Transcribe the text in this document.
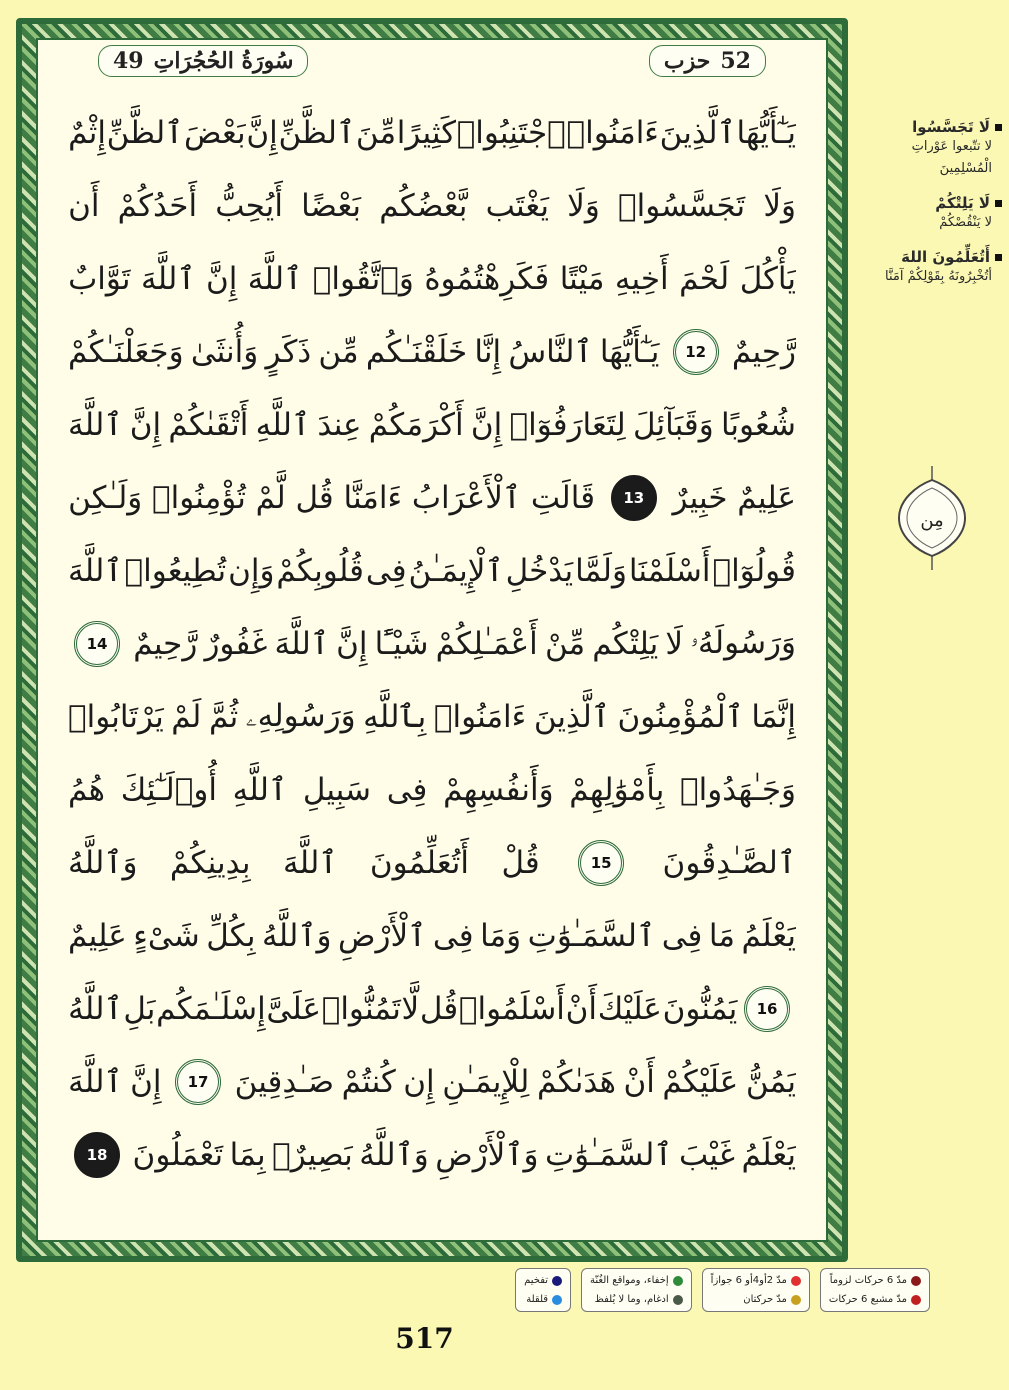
49 سُورَةُ الحُجُرَاتِ	حزب 52
يَـٰٓأَيُّهَا
ٱلَّذِينَ
ءَامَنُوا۟
ٱجْتَنِبُوا۟
كَثِيرًا
مِّنَ
ٱلظَّنِّ
إِنَّ
بَعْضَ
ٱلظَّنِّ
إِثْمٌ
وَلَا
تَجَسَّسُوا۟
وَلَا
يَغْتَب
بَّعْضُكُم
بَعْضًا
أَيُحِبُّ
أَحَدُكُمْ
أَن
يَأْكُلَ
لَحْمَ
أَخِيهِ
مَيْتًا
فَكَرِهْتُمُوهُ
وَٱتَّقُوا۟
ٱللَّهَ
إِنَّ
ٱللَّهَ
تَوَّابٌ
رَّحِيمٌ
12
يَـٰٓأَيُّهَا
ٱلنَّاسُ
إِنَّا
خَلَقْنَـٰكُم
مِّن
ذَكَرٍ
وَأُنثَىٰ
وَجَعَلْنَـٰكُمْ
شُعُوبًا
وَقَبَآئِلَ
لِتَعَارَفُوٓا۟
إِنَّ
أَكْرَمَكُمْ
عِندَ
ٱللَّهِ
أَتْقَىٰكُمْ
إِنَّ
ٱللَّهَ
عَلِيمٌ
خَبِيرٌ
13
قَالَتِ
ٱلْأَعْرَابُ
ءَامَنَّا
قُل
لَّمْ
تُؤْمِنُوا۟
وَلَـٰكِن
قُولُوٓا۟
أَسْلَمْنَا
وَلَمَّا
يَدْخُلِ
ٱلْإِيمَـٰنُ
فِى
قُلُوبِكُمْ
وَإِن
تُطِيعُوا۟
ٱللَّهَ
وَرَسُولَهُۥ
لَا
يَلِتْكُم
مِّنْ
أَعْمَـٰلِكُمْ
شَيْـًٔا
إِنَّ
ٱللَّهَ
غَفُورٌ
رَّحِيمٌ
14
إِنَّمَا
ٱلْمُؤْمِنُونَ
ٱلَّذِينَ
ءَامَنُوا۟
بِٱللَّهِ
وَرَسُولِهِۦ
ثُمَّ
لَمْ
يَرْتَابُوا۟
وَجَـٰهَدُوا۟
بِأَمْوَٰلِهِمْ
وَأَنفُسِهِمْ
فِى
سَبِيلِ
ٱللَّهِ
أُو۟لَـٰٓئِكَ
هُمُ
ٱلصَّـٰدِقُونَ
15
قُلْ
أَتُعَلِّمُونَ
ٱللَّهَ
بِدِينِكُمْ
وَٱللَّهُ
يَعْلَمُ
مَا
فِى
ٱلسَّمَـٰوَٰتِ
وَمَا
فِى
ٱلْأَرْضِ
وَٱللَّهُ
بِكُلِّ
شَىْءٍ
عَلِيمٌ
16
يَمُنُّونَ
عَلَيْكَ
أَنْ
أَسْلَمُوا۟
قُل
لَّا
تَمُنُّوا۟
عَلَىَّ
إِسْلَـٰمَكُم
بَلِ
ٱللَّهُ
يَمُنُّ
عَلَيْكُمْ
أَنْ
هَدَىٰكُمْ
لِلْإِيمَـٰنِ
إِن
كُنتُمْ
صَـٰدِقِينَ
17
إِنَّ
ٱللَّهَ
يَعْلَمُ
غَيْبَ
ٱلسَّمَـٰوَٰتِ
وَٱلْأَرْضِ
وَٱللَّهُ
بَصِيرٌۢ
بِمَا
تَعْمَلُونَ
18
لَا تَجَسَّسُوا
لا تتّبعوا عَوْراتِ الْمُسْلِمِينَ
لَا يَلِتْكُمْ
لا يَنْقُصْكُمْ
أَتُعَلِّمُونَ اللهَ
أتُخْبِرُونَهُ بِقَوْلِكُمْ آمَنَّا
مِن
مدّ 6 حركات لزوماً
مدّ مشبع 6 حركات
مدّ 2أو4أو 6 جوازاً
مدّ حركتان
إخفاء، ومواقع الغُنّة
ادغام، وما لا يُلفظ
تفخيم
قلقلة
517
